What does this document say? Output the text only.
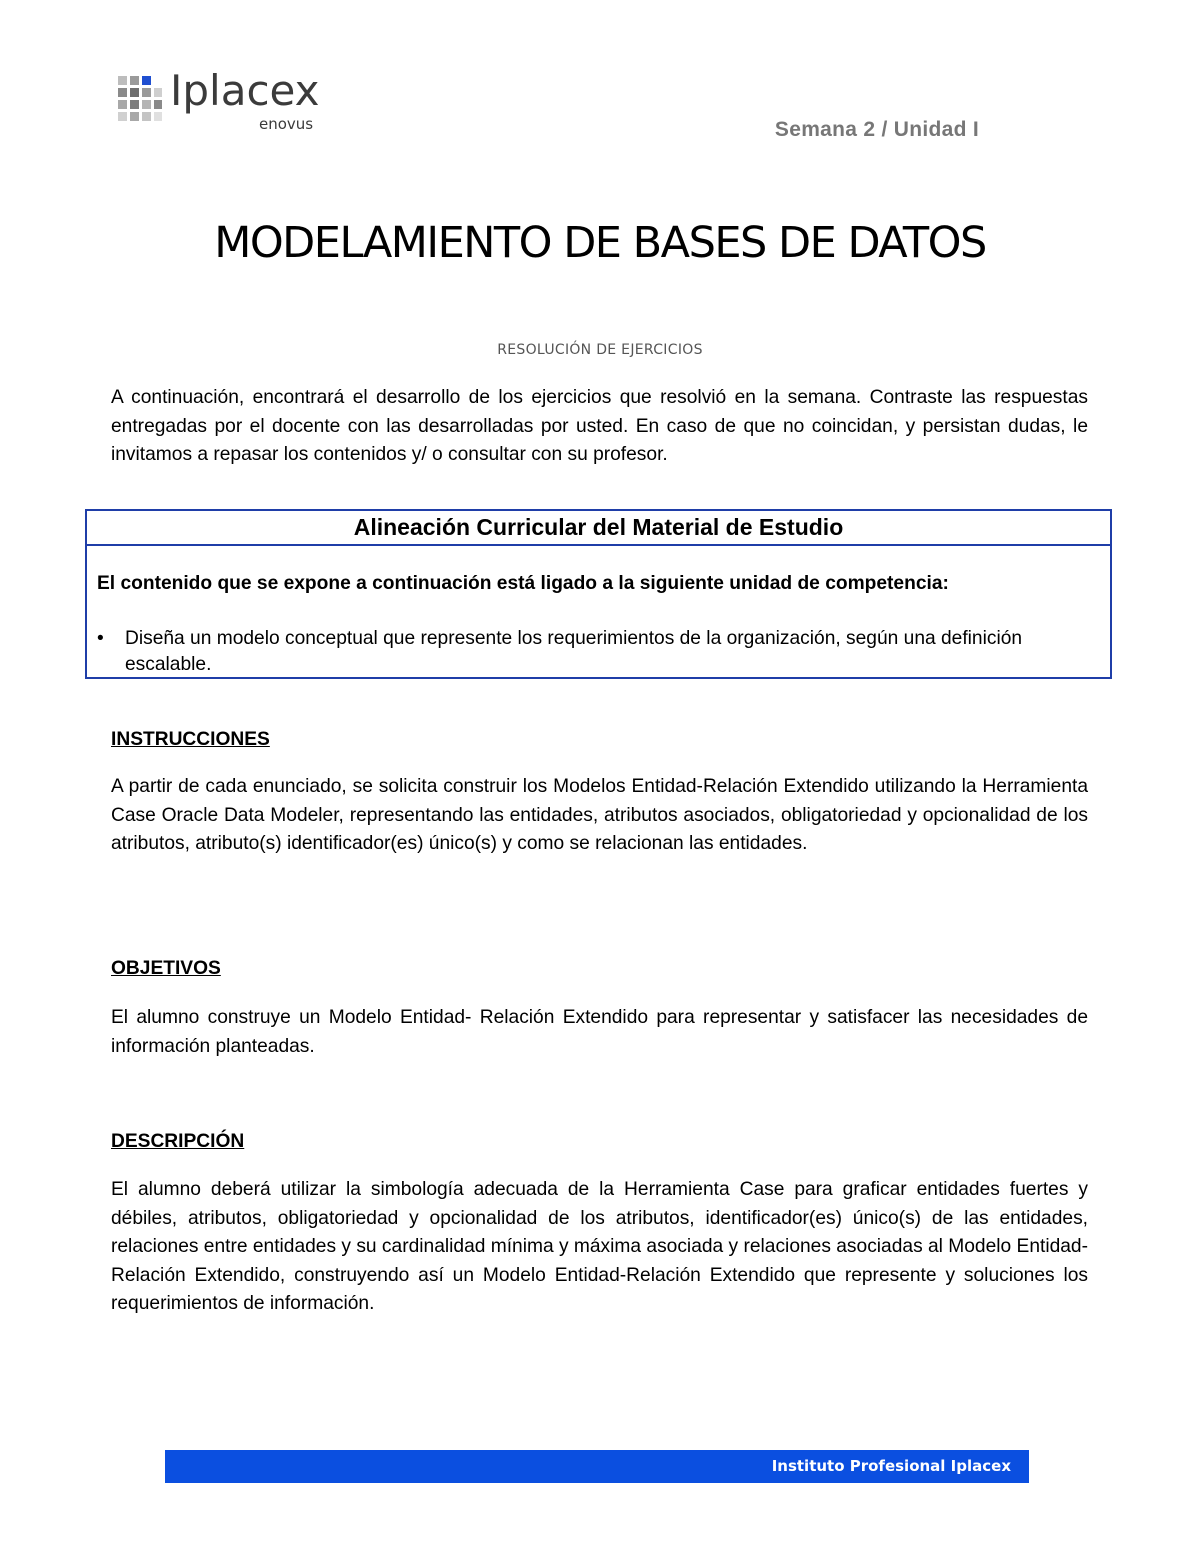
Iplacex
enovus	Semana 2 / Unidad I
MODELAMIENTO DE BASES DE DATOS
RESOLUCIÓN DE EJERCICIOS
A continuación, encontrará el desarrollo de los ejercicios que resolvió en la semana. Contraste las respuestas entregadas por el docente con las desarrolladas por usted. En caso de que no coincidan, y persistan dudas, le invitamos a repasar los contenidos y/ o consultar con su profesor.
Alineación Curricular del Material de Estudio
El contenido que se expone a continuación está ligado a la siguiente unidad de competencia:
•	Diseña un modelo conceptual que represente los requerimientos de la organización, según una definición escalable.
INSTRUCCIONES
A partir de cada enunciado, se solicita construir los Modelos Entidad-Relación Extendido utilizando la Herramienta Case Oracle Data Modeler, representando las entidades, atributos asociados, obligatoriedad y opcionalidad de los atributos, atributo(s) identificador(es) único(s) y como se relacionan las entidades.
OBJETIVOS
El alumno construye un Modelo Entidad- Relación Extendido para representar y satisfacer las necesidades de información planteadas.
DESCRIPCIÓN
El alumno deberá utilizar la simbología adecuada de la Herramienta Case para graficar entidades fuertes y débiles, atributos, obligatoriedad y opcionalidad de los atributos, identificador(es) único(s) de las entidades, relaciones entre entidades y su cardinalidad mínima y máxima asociada y relaciones asociadas al Modelo Entidad-Relación Extendido, construyendo así un Modelo Entidad-Relación Extendido que represente y soluciones los requerimientos de información.
Instituto Profesional Iplacex
